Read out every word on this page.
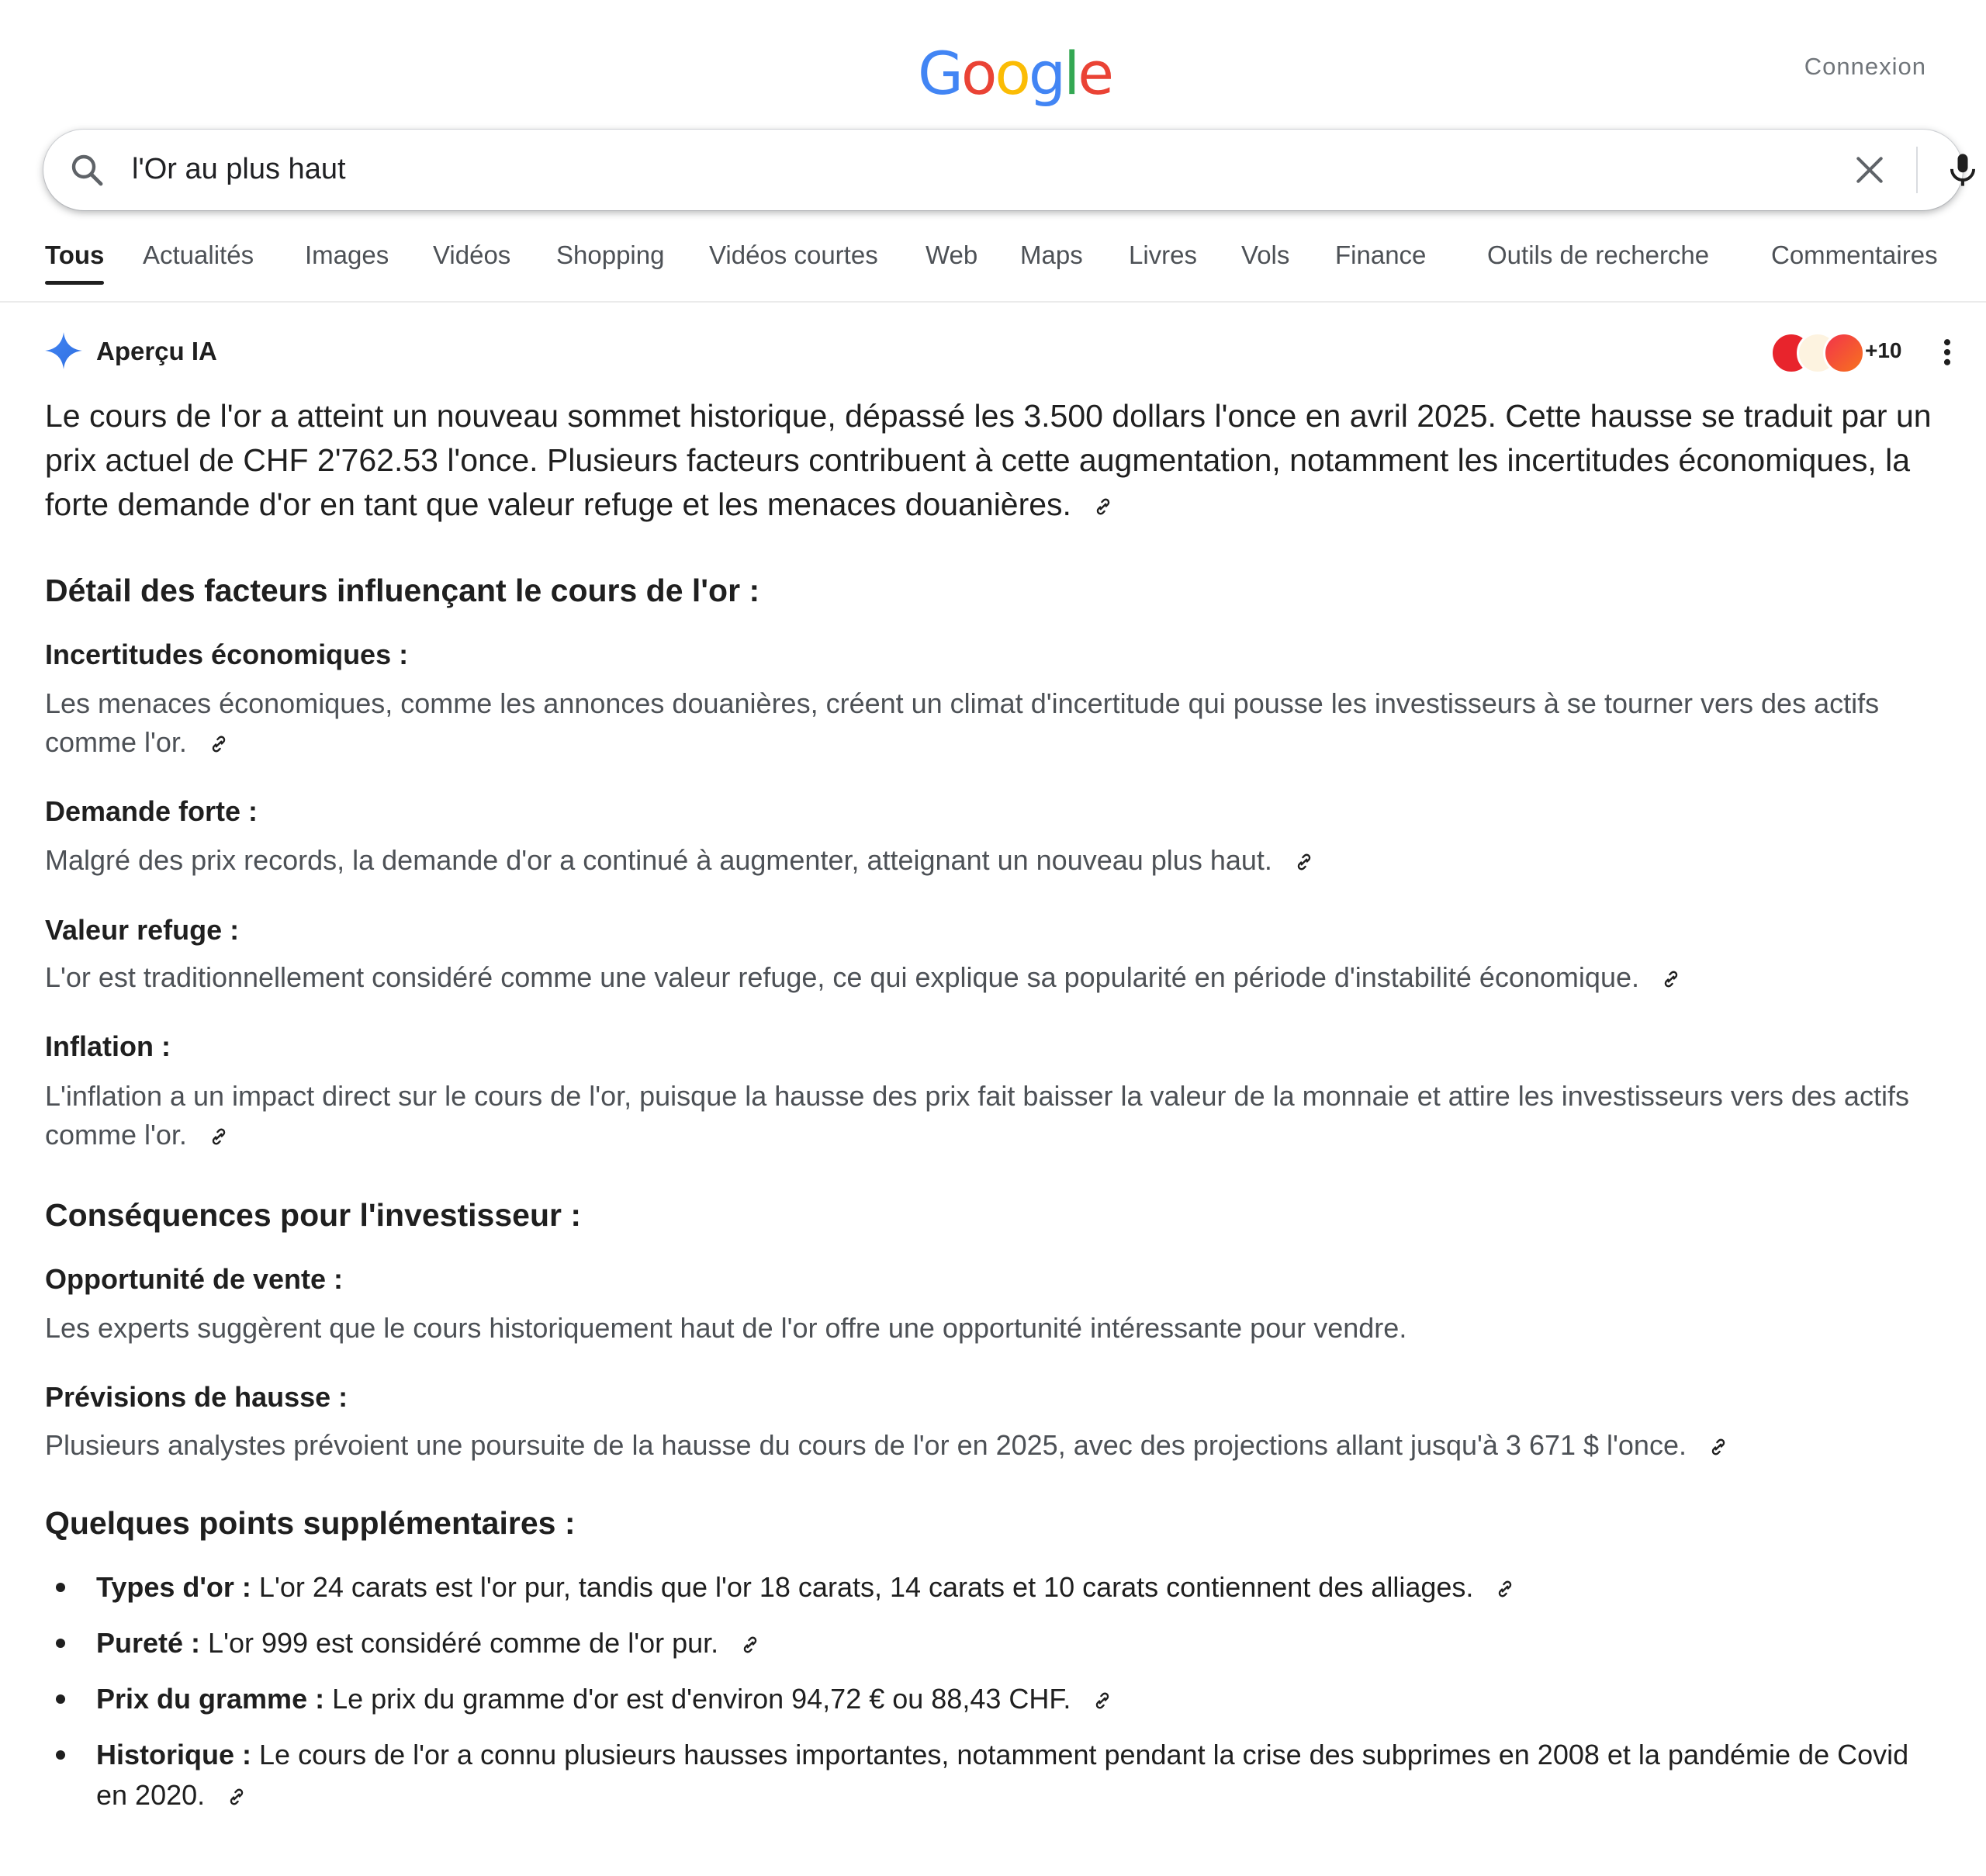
Google	Connexion
l'Or au plus haut
Tous Actualités Images Vidéos Shopping Vidéos courtes Web Maps Livres Vols Finance Outils de recherche Commentaires
Aperçu IA	+10
Le cours de l'or a atteint un nouveau sommet historique, dépassé les 3.500 dollars l'once en avril 2025. Cette hausse se traduit par un prix actuel de CHF 2'762.53 l'once. Plusieurs facteurs contribuent à cette augmentation, notamment les incertitudes économiques, la forte demande d'or en tant que valeur refuge et les menaces douanières.
Détail des facteurs influençant le cours de l'or :
Incertitudes économiques :
Les menaces économiques, comme les annonces douanières, créent un climat d'incertitude qui pousse les investisseurs à se tourner vers des actifs comme l'or.
Demande forte :
Malgré des prix records, la demande d'or a continué à augmenter, atteignant un nouveau plus haut.
Valeur refuge :
L'or est traditionnellement considéré comme une valeur refuge, ce qui explique sa popularité en période d'instabilité économique.
Inflation :
L'inflation a un impact direct sur le cours de l'or, puisque la hausse des prix fait baisser la valeur de la monnaie et attire les investisseurs vers des actifs comme l'or.
Conséquences pour l'investisseur :
Opportunité de vente :
Les experts suggèrent que le cours historiquement haut de l'or offre une opportunité intéressante pour vendre.
Prévisions de hausse :
Plusieurs analystes prévoient une poursuite de la hausse du cours de l'or en 2025, avec des projections allant jusqu'à 3 671 $ l'once.
Quelques points supplémentaires :
Types d'or : L'or 24 carats est l'or pur, tandis que l'or 18 carats, 14 carats et 10 carats contiennent des alliages.
Pureté : L'or 999 est considéré comme de l'or pur.
Prix du gramme : Le prix du gramme d'or est d'environ 94,72 € ou 88,43 CHF.
Historique : Le cours de l'or a connu plusieurs hausses importantes, notamment pendant la crise des subprimes en 2008 et la pandémie de Covid en 2020.
